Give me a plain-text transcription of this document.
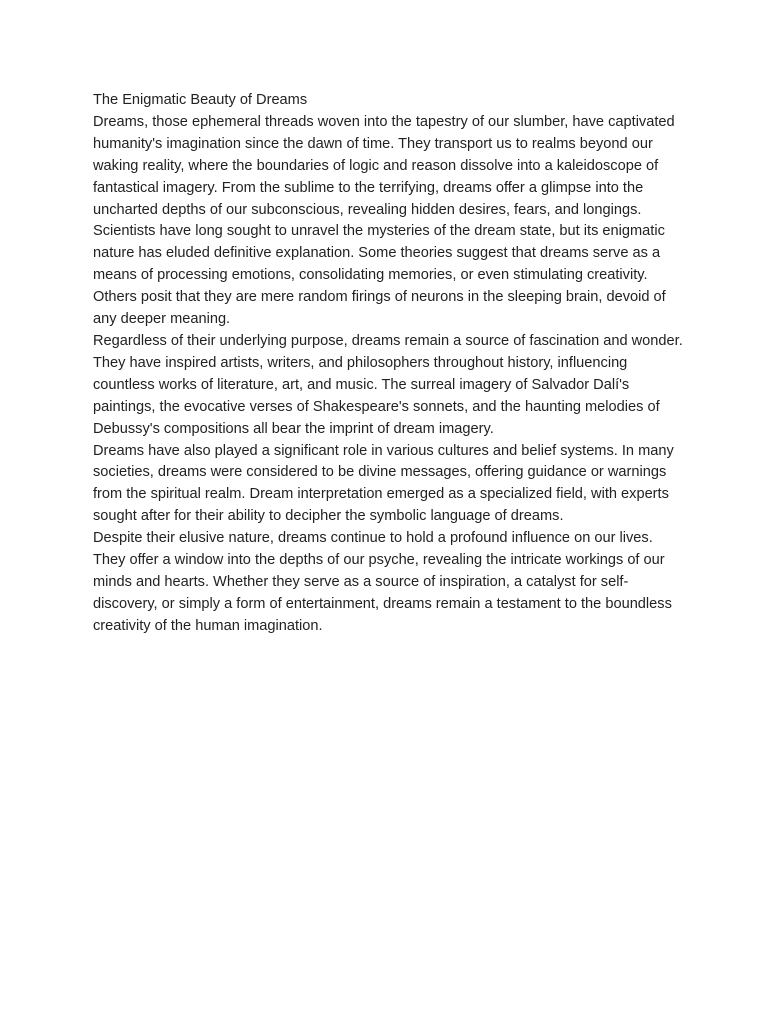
The Enigmatic Beauty of Dreams

Dreams, those ephemeral threads woven into the tapestry of our slumber, have captivated humanity's imagination since the dawn of time. They transport us to realms beyond our waking reality, where the boundaries of logic and reason dissolve into a kaleidoscope of fantastical imagery. From the sublime to the terrifying, dreams offer a glimpse into the uncharted depths of our subconscious, revealing hidden desires, fears, and longings.

Scientists have long sought to unravel the mysteries of the dream state, but its enigmatic nature has eluded definitive explanation. Some theories suggest that dreams serve as a means of processing emotions, consolidating memories, or even stimulating creativity. Others posit that they are mere random firings of neurons in the sleeping brain, devoid of any deeper meaning.

Regardless of their underlying purpose, dreams remain a source of fascination and wonder. They have inspired artists, writers, and philosophers throughout history, influencing countless works of literature, art, and music. The surreal imagery of Salvador Dalí's paintings, the evocative verses of Shakespeare's sonnets, and the haunting melodies of Debussy's compositions all bear the imprint of dream imagery.

Dreams have also played a significant role in various cultures and belief systems. In many societies, dreams were considered to be divine messages, offering guidance or warnings from the spiritual realm. Dream interpretation emerged as a specialized field, with experts sought after for their ability to decipher the symbolic language of dreams.

Despite their elusive nature, dreams continue to hold a profound influence on our lives. They offer a window into the depths of our psyche, revealing the intricate workings of our minds and hearts. Whether they serve as a source of inspiration, a catalyst for self-discovery, or simply a form of entertainment, dreams remain a testament to the boundless creativity of the human imagination.
